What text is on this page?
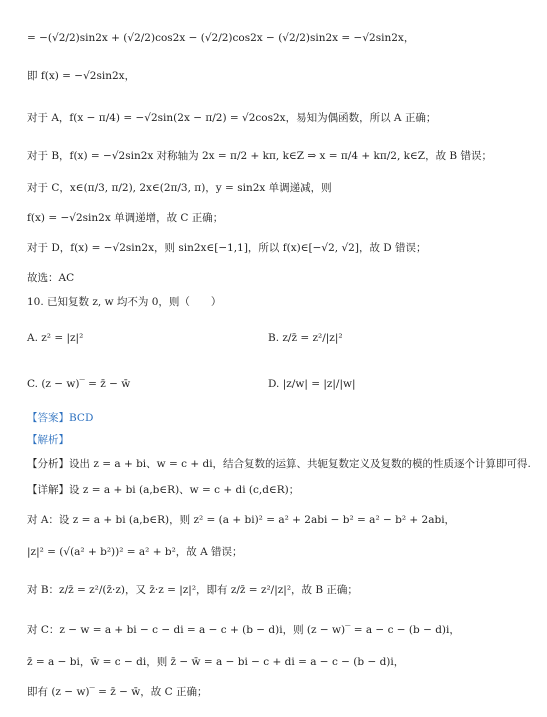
= −(√2/2)sin2x + (√2/2)cos2x − (√2/2)cos2x − (√2/2)sin2x = −√2sin2x，
即 f(x) = −√2sin2x，
对于 A，f(x − π/4) = −√2sin(2x − π/2) = √2cos2x，易知为偶函数，所以 A 正确；
对于 B，f(x) = −√2sin2x 对称轴为 2x = π/2 + kπ, k∈Z ⇒ x = π/4 + kπ/2, k∈Z，故 B 错误；
对于 C，x∈(π/3, π/2), 2x∈(2π/3, π)，y = sin2x 单调递减，则
f(x) = −√2sin2x 单调递增，故 C 正确；
对于 D，f(x) = −√2sin2x，则 sin2x∈[−1,1]，所以 f(x)∈[−√2, √2]，故 D 错误；
故选：AC
10. 已知复数 z, w 均不为 0，则（　　）
A. z² = |z|²	B. z/z̄ = z²/|z|²
C. (z − w)‾ = z̄ − w̄	D. |z/w| = |z|/|w|
【答案】BCD
【解析】
【分析】设出 z = a + bi、w = c + di，结合复数的运算、共轭复数定义及复数的模的性质逐个计算即可得.
【详解】设 z = a + bi (a,b∈R)、w = c + di (c,d∈R)；
对 A：设 z = a + bi (a,b∈R)，则 z² = (a + bi)² = a² + 2abi − b² = a² − b² + 2abi，
|z|² = (√(a² + b²))² = a² + b²，故 A 错误；
对 B：z/z̄ = z²/(z̄·z)，又 z̄·z = |z|²，即有 z/z̄ = z²/|z|²，故 B 正确；
对 C：z − w = a + bi − c − di = a − c + (b − d)i，则 (z − w)‾ = a − c − (b − d)i，
z̄ = a − bi，w̄ = c − di，则 z̄ − w̄ = a − bi − c + di = a − c − (b − d)i，
即有 (z − w)‾ = z̄ − w̄，故 C 正确；
